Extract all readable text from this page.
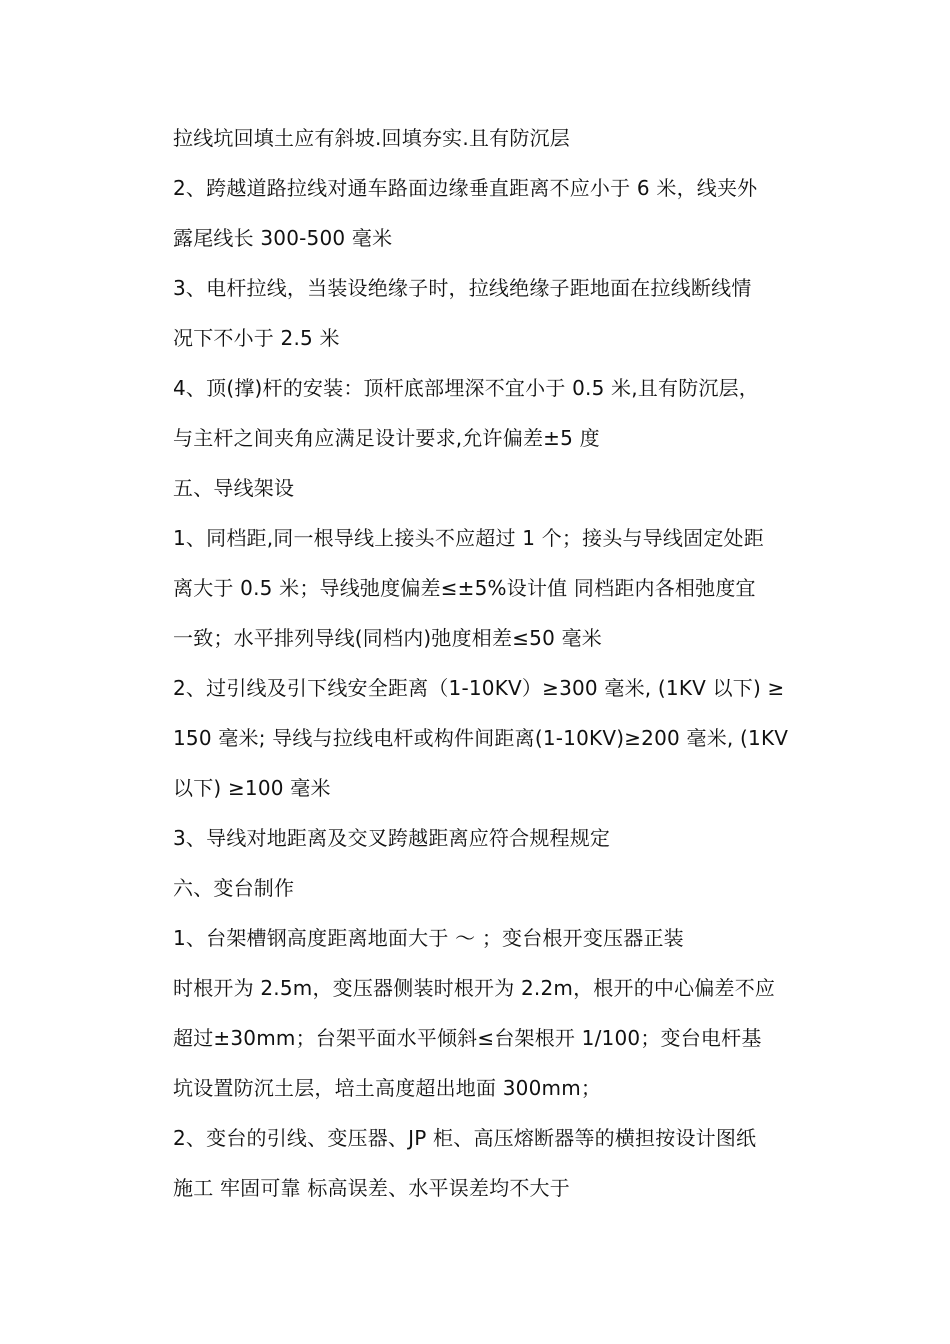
拉线坑回填土应有斜坡.回填夯实.且有防沉层
2、跨越道路拉线对通车路面边缘垂直距离不应小于 6 米，线夹外
露尾线长 300-500 毫米
3、电杆拉线，当装设绝缘子时，拉线绝缘子距地面在拉线断线情
况下不小于 2.5 米
4、顶(撑)杆的安装：顶杆底部埋深不宜小于 0.5 米,且有防沉层，
与主杆之间夹角应满足设计要求,允许偏差±5 度
五、导线架设
1、同档距,同一根导线上接头不应超过 1 个；接头与导线固定处距
离大于 0.5 米；导线弛度偏差≤±5%设计值 同档距内各相弛度宜
一致；水平排列导线(同档内)弛度相差≤50 毫米
2、过引线及引下线安全距离（1-10KV）≥300 毫米, (1KV 以下) ≥
150 毫米; 导线与拉线电杆或构件间距离(1-10KV)≥200 毫米, (1KV
以下) ≥100 毫米
3、导线对地距离及交叉跨越距离应符合规程规定
六、变台制作
1、台架槽钢高度距离地面大于 ～ ；变台根开变压器正装
时根开为 2.5m，变压器侧装时根开为 2.2m，根开的中心偏差不应
超过±30mm；台架平面水平倾斜≤台架根开 1/100；变台电杆基
坑设置防沉土层，培土高度超出地面 300mm；
2、变台的引线、变压器、JP 柜、高压熔断器等的横担按设计图纸
施工 牢固可靠 标高误差、水平误差均不大于
